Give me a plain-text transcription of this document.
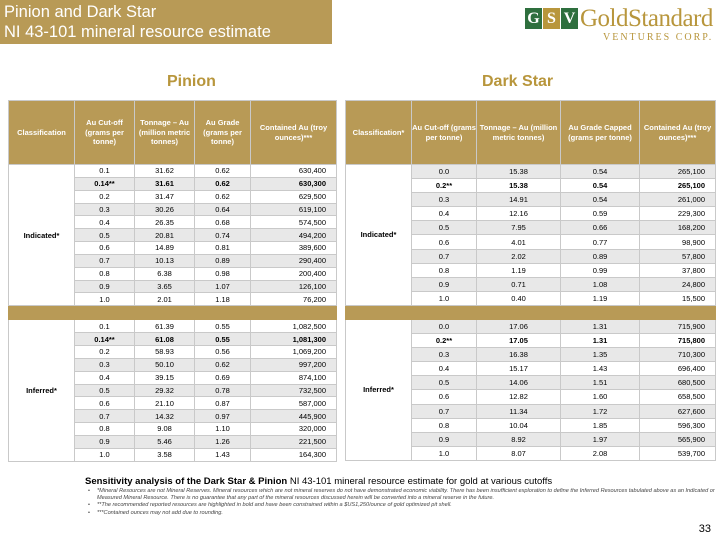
Pinion and Dark Star
NI 43-101 mineral resource estimate
G S V GoldStandard
VENTURES CORP.
Pinion	Dark Star
Classification	Au Cut-off (grams per tonne)	Tonnage – Au (million metric tonnes)	Au Grade (grams per tonne)	Contained Au (troy ounces)***
Indicated*	0.1	31.62	0.62	630,400
	0.14**	31.61	0.62	630,300
	0.2	31.47	0.62	629,500
	0.3	30.26	0.64	619,100
	0.4	26.35	0.68	574,500
	0.5	20.81	0.74	494,200
	0.6	14.89	0.81	389,600
	0.7	10.13	0.89	290,400
	0.8	6.38	0.98	200,400
	0.9	3.65	1.07	126,100
	1.0	2.01	1.18	76,200

Inferred*	0.1	61.39	0.55	1,082,500
	0.14**	61.08	0.55	1,081,300
	0.2	58.93	0.56	1,069,200
	0.3	50.10	0.62	997,200
	0.4	39.15	0.69	874,100
	0.5	29.32	0.78	732,500
	0.6	21.10	0.87	587,000
	0.7	14.32	0.97	445,900
	0.8	9.08	1.10	320,000
	0.9	5.46	1.26	221,500
	1.0	3.58	1.43	164,300
Classification*	Au Cut-off (grams per tonne)	Tonnage – Au (million metric tonnes)	Au Grade Capped (grams per tonne)	Contained Au (troy ounces)***
Indicated*	0.0	15.38	0.54	265,100
	0.2**	15.38	0.54	265,100
	0.3	14.91	0.54	261,000
	0.4	12.16	0.59	229,300
	0.5	7.95	0.66	168,200
	0.6	4.01	0.77	98,900
	0.7	2.02	0.89	57,800
	0.8	1.19	0.99	37,800
	0.9	0.71	1.08	24,800
	1.0	0.40	1.19	15,500

Inferred*	0.0	17.06	1.31	715,900
	0.2**	17.05	1.31	715,800
	0.3	16.38	1.35	710,300
	0.4	15.17	1.43	696,400
	0.5	14.06	1.51	680,500
	0.6	12.82	1.60	658,500
	0.7	11.34	1.72	627,600
	0.8	10.04	1.85	596,300
	0.9	8.92	1.97	565,900
	1.0	8.07	2.08	539,700
Sensitivity analysis of the Dark Star & Pinion NI 43-101 mineral resource estimate for gold at various cutoffs
• *Mineral Resources are not Mineral Reserves. Mineral resources which are not mineral reserves do not have demonstrated economic viability. There has been insufficient exploration to define the Inferred Resources tabulated above as an Indicated or Measured Mineral Resource. There is no guarantee that any part of the mineral resources discussed herein will be converted into a mineral reserve in the future.
• **The recommended reported resources are highlighted in bold and have been constrained within a $US1,250/ounce of gold optimized pit shell.
• ***Contained ounces may not add due to rounding.
33
